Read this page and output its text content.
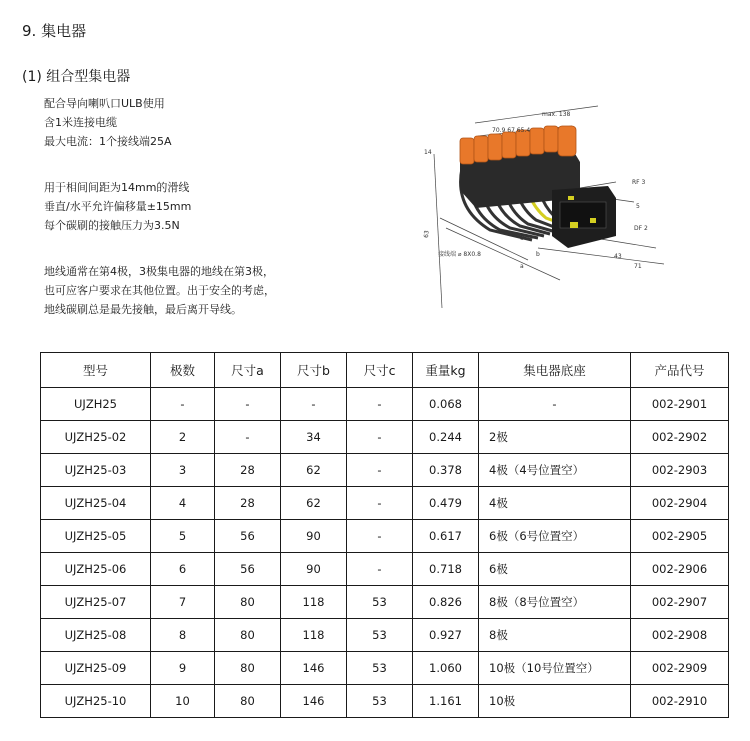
9. 集电器
(1) 组合型集电器
配合导向喇叭口ULB使用
含1米连接电缆
最大电流：1个接线端25A
用于相间间距为14mm的滑线
垂直/水平允许偏移量±15mm
每个碳刷的接触压力为3.5N
地线通常在第4极，3极集电器的地线在第3极，
也可应客户要求在其他位置。出于安全的考虑，
地线碳刷总是最先接触，最后离开导线。
max. 138
70.9 67 65.4
14
RF 3
DF 2
63
接线端 ⌀ 8X0.8
c
b
a	71
43
5
型号	极数	尺寸a	尺寸b	尺寸c	重量kg	集电器底座	产品代号
UJZH25	-	-	-	-	0.068	-	002-2901
UJZH25-02	2	-	34	-	0.244	2极	002-2902
UJZH25-03	3	28	62	-	0.378	4极（4号位置空）	002-2903
UJZH25-04	4	28	62	-	0.479	4极	002-2904
UJZH25-05	5	56	90	-	0.617	6极（6号位置空）	002-2905
UJZH25-06	6	56	90	-	0.718	6极	002-2906
UJZH25-07	7	80	118	53	0.826	8极（8号位置空）	002-2907
UJZH25-08	8	80	118	53	0.927	8极	002-2908
UJZH25-09	9	80	146	53	1.060	10极（10号位置空）	002-2909
UJZH25-10	10	80	146	53	1.161	10极	002-2910
